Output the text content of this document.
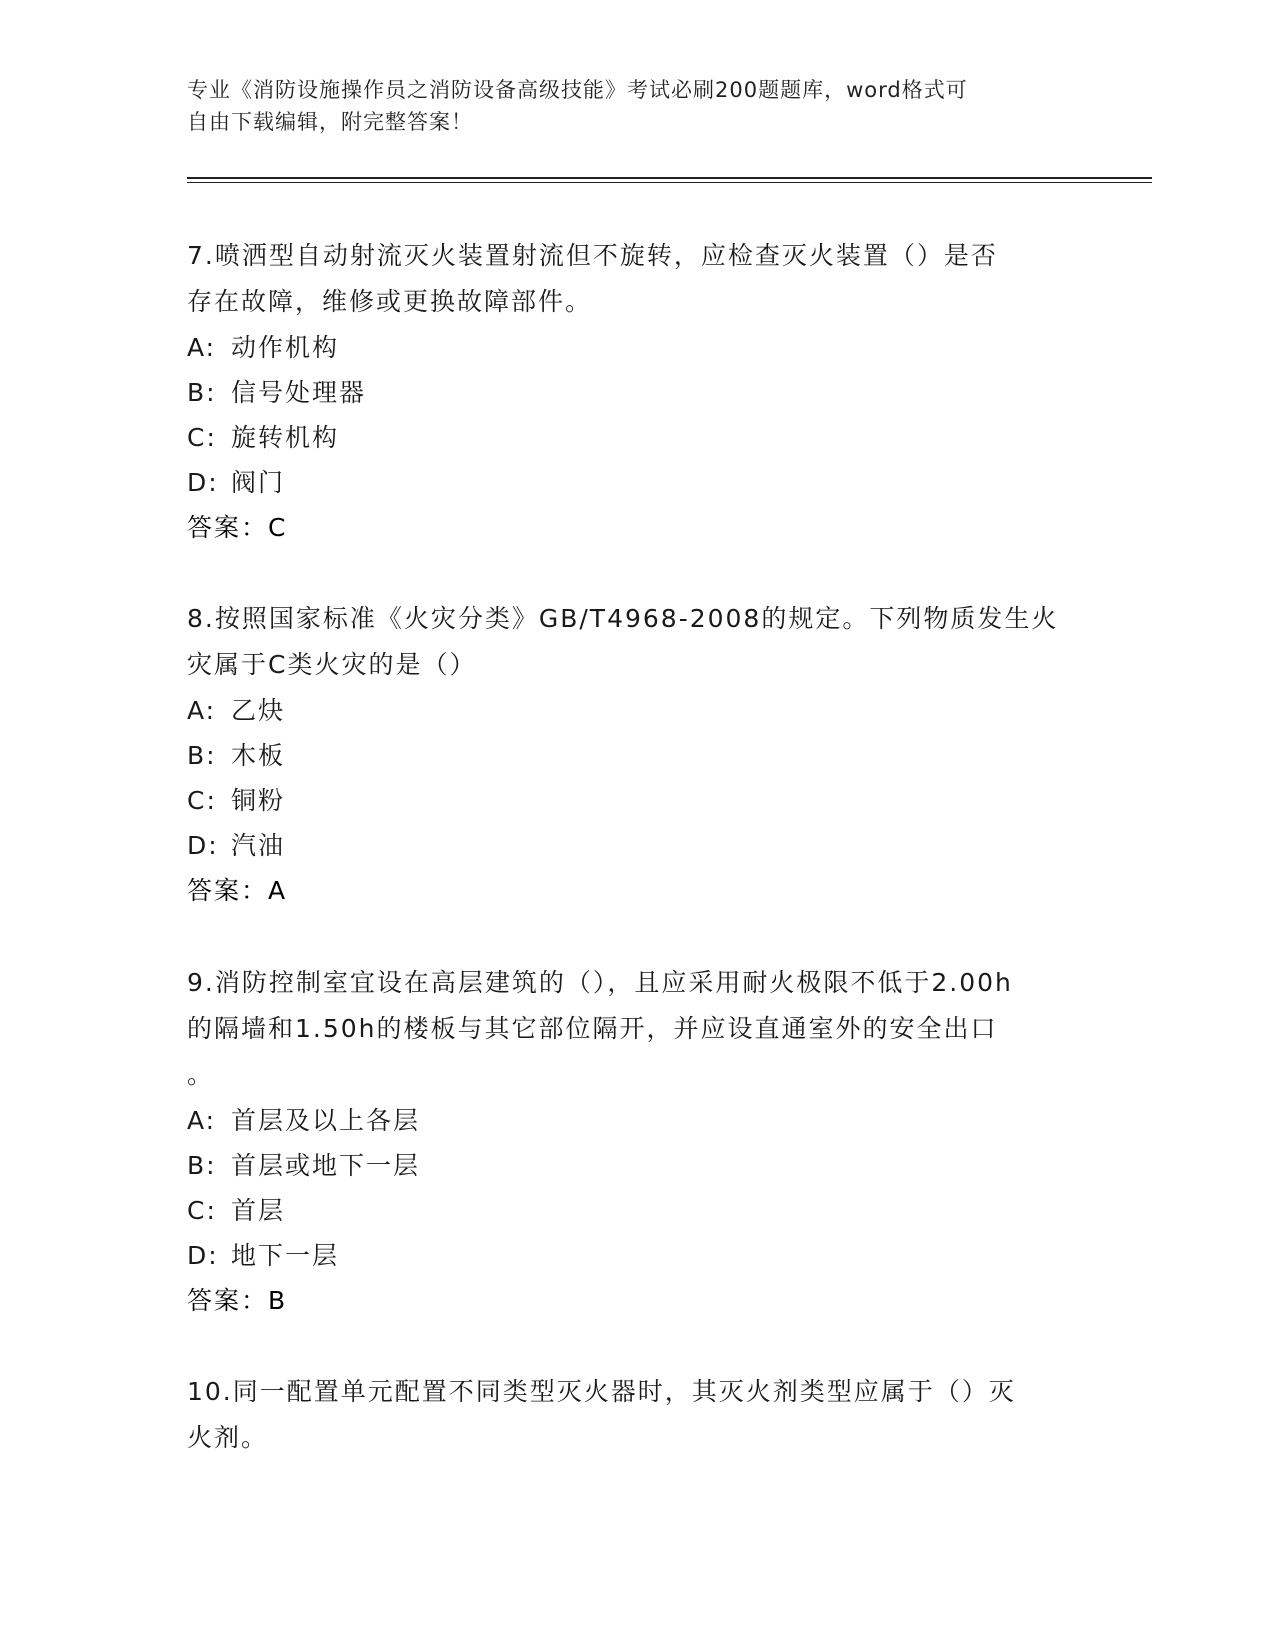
专业《消防设施操作员之消防设备高级技能》考试必刷200题题库，word格式可
自由下载编辑，附完整答案！

7.喷洒型自动射流灭火装置射流但不旋转，应检查灭火装置（）是否

存在故障，维修或更换故障部件。

A: 动作机构

B: 信号处理器

C: 旋转机构

D: 阀门

答案：C

8.按照国家标准《火灾分类》GB/T4968-2008的规定。下列物质发生火

灾属于C类火灾的是（）

A: 乙炔

B: 木板

C: 铜粉

D: 汽油

答案：A

9.消防控制室宜设在高层建筑的（），且应采用耐火极限不低于2.00h

的隔墙和1.50h的楼板与其它部位隔开，并应设直通室外的安全出口

。

A: 首层及以上各层

B: 首层或地下一层

C: 首层

D: 地下一层

答案：B

10.同一配置单元配置不同类型灭火器时，其灭火剂类型应属于（）灭

火剂。
